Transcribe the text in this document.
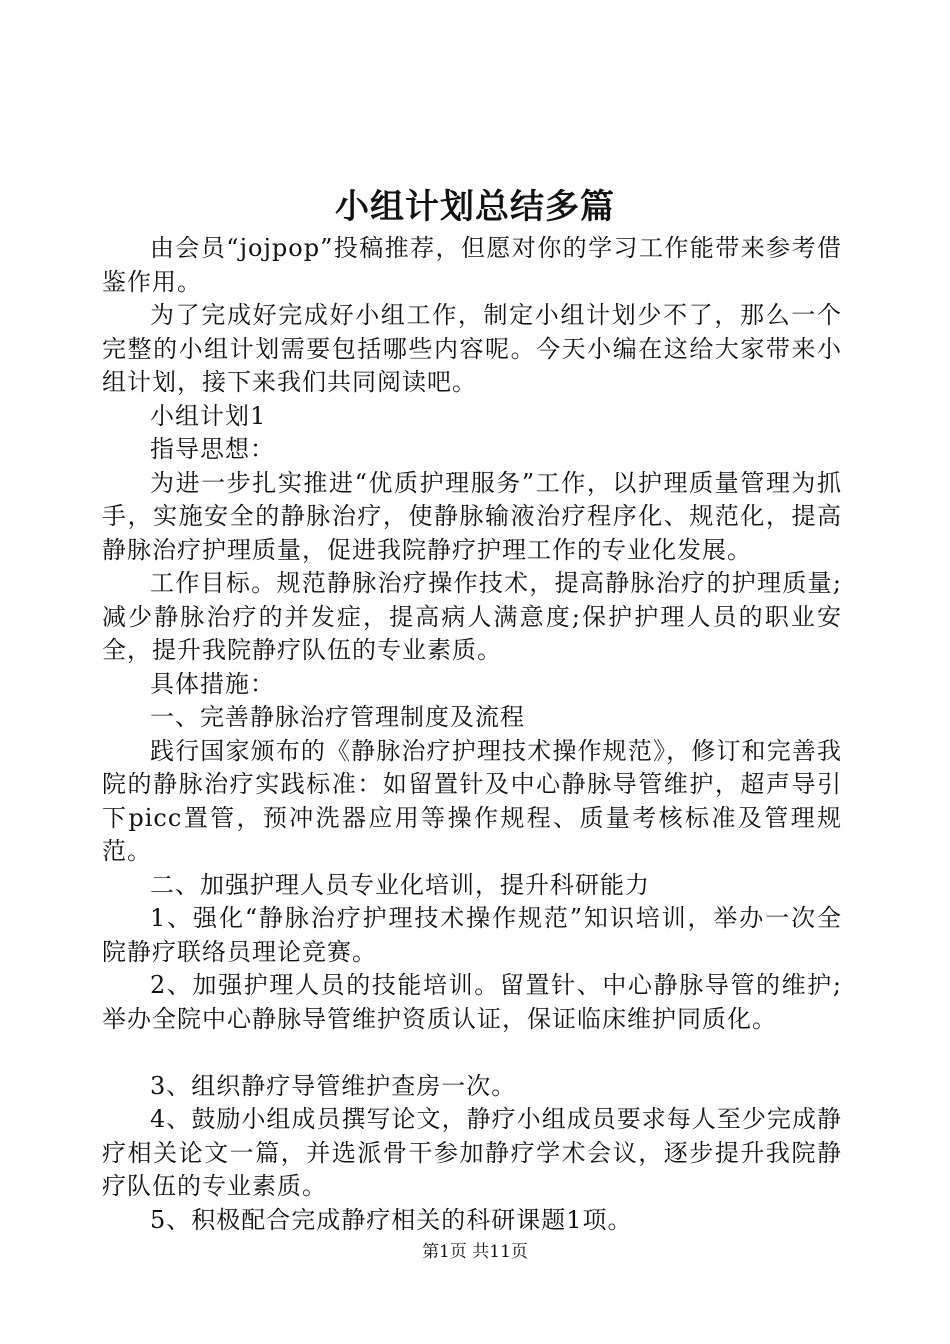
小组计划总结多篇

由会员“jojpop”投稿推荐，但愿对你的学习工作能带来参考借鉴作用。

为了完成好完成好小组工作，制定小组计划少不了，那么一个完整的小组计划需要包括哪些内容呢。今天小编在这给大家带来小组计划，接下来我们共同阅读吧。

小组计划1

指导思想：

为进一步扎实推进“优质护理服务”工作，以护理质量管理为抓手，实施安全的静脉治疗，使静脉输液治疗程序化、规范化，提高静脉治疗护理质量，促进我院静疗护理工作的专业化发展。

工作目标。规范静脉治疗操作技术，提高静脉治疗的护理质量;减少静脉治疗的并发症，提高病人满意度;保护护理人员的职业安全，提升我院静疗队伍的专业素质。

具体措施：

一、完善静脉治疗管理制度及流程

践行国家颁布的《静脉治疗护理技术操作规范》，修订和完善我院的静脉治疗实践标准：如留置针及中心静脉导管维护，超声导引下picc置管，预冲洗器应用等操作规程、质量考核标准及管理规范。

二、加强护理人员专业化培训，提升科研能力

1、强化“静脉治疗护理技术操作规范”知识培训，举办一次全院静疗联络员理论竞赛。

2、加强护理人员的技能培训。留置针、中心静脉导管的维护;举办全院中心静脉导管维护资质认证，保证临床维护同质化。

3、组织静疗导管维护查房一次。

4、鼓励小组成员撰写论文，静疗小组成员要求每人至少完成静疗相关论文一篇，并选派骨干参加静疗学术会议，逐步提升我院静疗队伍的专业素质。

5、积极配合完成静疗相关的科研课题1项。

第1页 共11页
